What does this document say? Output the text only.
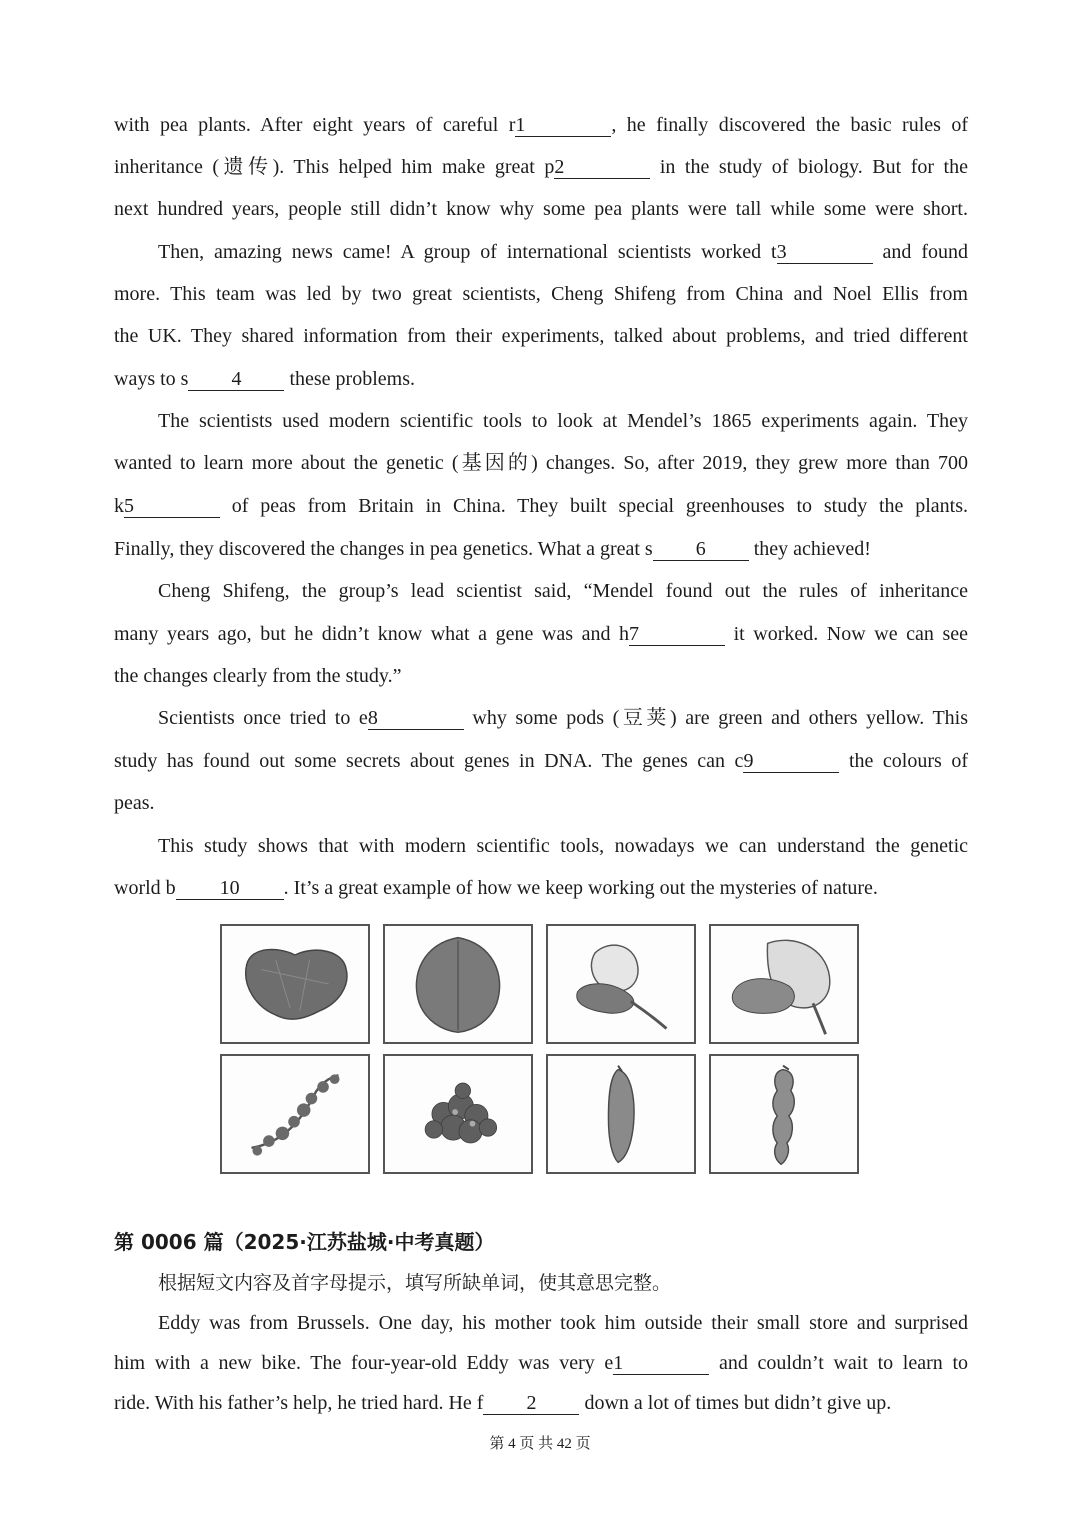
with pea plants. After eight years of careful r1	, he finally discovered the basic rules of
inheritance (遗传). This helped him make great p2	in the study of biology. But for the
next hundred years, people still didn’t know why some pea plants were tall while some were short.
Then, amazing news came! A group of international scientists worked t3	and found
more. This team was led by two great scientists, Cheng Shifeng from China and Noel Ellis from
the UK. They shared information from their experiments, talked about problems, and tried different
ways to s 4 these problems.
The scientists used modern scientific tools to look at Mendel’s 1865 experiments again. They
wanted to learn more about the genetic (基因的) changes. So, after 2019, they grew more than 700
k5	of peas from Britain in China. They built special greenhouses to study the plants.
Finally, they discovered the changes in pea genetics. What a great s 6 they achieved!
Cheng Shifeng, the group’s lead scientist said, “Mendel found out the rules of inheritance
many years ago, but he didn’t know what a gene was and h7	it worked. Now we can see
the changes clearly from the study.”
Scientists once tried to e8	why some pods (豆荚) are green and others yellow. This
study has found out some secrets about genes in DNA. The genes can c9	the colours of
peas.
This study shows that with modern scientific tools, nowadays we can understand the genetic
world b 10 . It’s a great example of how we keep working out the mysteries of nature.
第 0006 篇（2025·江苏盐城·中考真题）
根据短文内容及首字母提示，填写所缺单词，使其意思完整。
Eddy was from Brussels. One day, his mother took him outside their small store and surprised
him with a new bike. The four-year-old Eddy was very e1	and couldn’t wait to learn to
ride. With his father’s help, he tried hard. He f 2 down a lot of times but didn’t give up.
第 4 页 共 42 页
